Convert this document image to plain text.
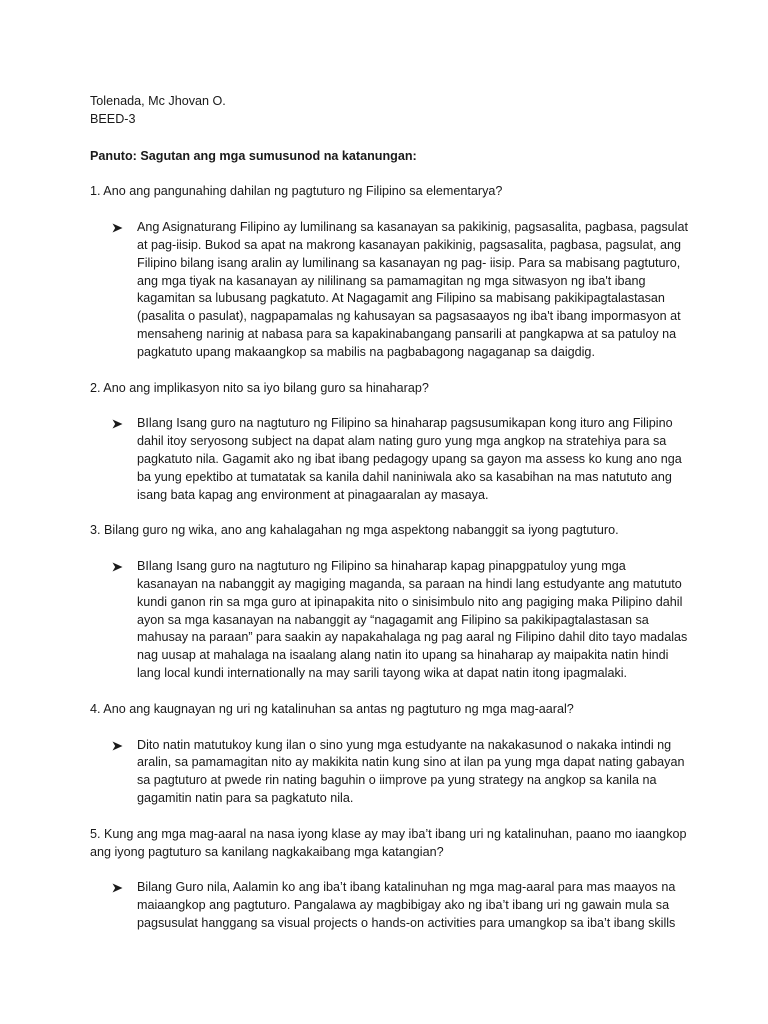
Tolenada, Mc Jhovan O.

BEED-3

Panuto: Sagutan ang mga sumusunod na katanungan:

1. Ano ang pangunahing dahilan ng pagtuturo ng Filipino sa elementarya?

Ang Asignaturang Filipino ay lumilinang sa kasanayan sa pakikinig, pagsasalita, pagbasa, pagsulat at pag-iisip. Bukod sa apat na makrong kasanayan pakikinig, pagsasalita, pagbasa, pagsulat, ang Filipino bilang isang aralin ay lumilinang sa kasanayan ng pag- iisip. Para sa mabisang pagtuturo, ang mga tiyak na kasanayan ay nililinang sa pamamagitan ng mga sitwasyon ng iba't ibang kagamitan sa lubusang pagkatuto. At Nagagamit ang Filipino sa mabisang pakikipagtalastasan (pasalita o pasulat), nagpapamalas ng kahusayan sa pagsasaayos ng iba't ibang impormasyon at mensaheng narinig at nabasa para sa kapakinabangang pansarili at pangkapwa at sa patuloy na pagkatuto upang makaangkop sa mabilis na pagbabagong nagaganap sa daigdig.

2. Ano ang implikasyon nito sa iyo bilang guro sa hinaharap?

BIlang Isang guro na nagtuturo ng Filipino sa hinaharap pagsusumikapan kong ituro ang Filipino dahil itoy seryosong subject na dapat alam nating guro yung mga angkop na stratehiya para sa pagkatuto nila. Gagamit ako ng ibat ibang pedagogy upang sa gayon ma assess ko kung ano nga ba yung epektibo at tumatatak sa kanila dahil naniniwala ako sa kasabihan na mas natututo ang isang bata kapag ang environment at pinagaaralan ay masaya.

3. Bilang guro ng wika, ano ang kahalagahan ng mga aspektong nabanggit sa iyong pagtuturo.

BIlang Isang guro na nagtuturo ng Filipino sa hinaharap kapag pinapgpatuloy yung mga kasanayan na nabanggit ay magiging maganda, sa paraan na hindi lang estudyante ang matututo kundi ganon rin sa mga guro at ipinapakita nito o sinisimbulo nito ang pagiging maka Pilipino dahil ayon sa mga kasanayan na nabanggit ay “nagagamit ang Filipino sa pakikipagtalastasan sa mahusay na paraan” para saakin ay napakahalaga ng pag aaral ng Filipino dahil dito tayo madalas nag uusap at mahalaga na isaalang alang natin ito upang sa hinaharap ay maipakita natin hindi lang local kundi internationally na may sarili tayong wika at dapat natin itong ipagmalaki.

4. Ano ang kaugnayan ng uri ng katalinuhan sa antas ng pagtuturo ng mga mag-aaral?

Dito natin matutukoy kung ilan o sino yung mga estudyante na nakakasunod o nakaka intindi ng aralin, sa pamamagitan nito ay makikita natin kung sino at ilan pa yung mga dapat nating gabayan sa pagtuturo at pwede rin nating baguhin o iimprove pa yung strategy na angkop sa kanila na gagamitin natin para sa pagkatuto nila.

5. Kung ang mga mag-aaral na nasa iyong klase ay may iba’t ibang uri ng katalinuhan, paano mo iaangkop ang iyong pagtuturo sa kanilang nagkakaibang mga katangian?

Bilang Guro nila, Aalamin ko ang iba’t ibang katalinuhan ng mga mag-aaral para mas maayos na maiaangkop ang pagtuturo. Pangalawa ay magbibigay ako ng iba’t ibang uri ng gawain mula sa pagsusulat hanggang sa visual projects o hands-on activities para umangkop sa iba’t ibang skills
